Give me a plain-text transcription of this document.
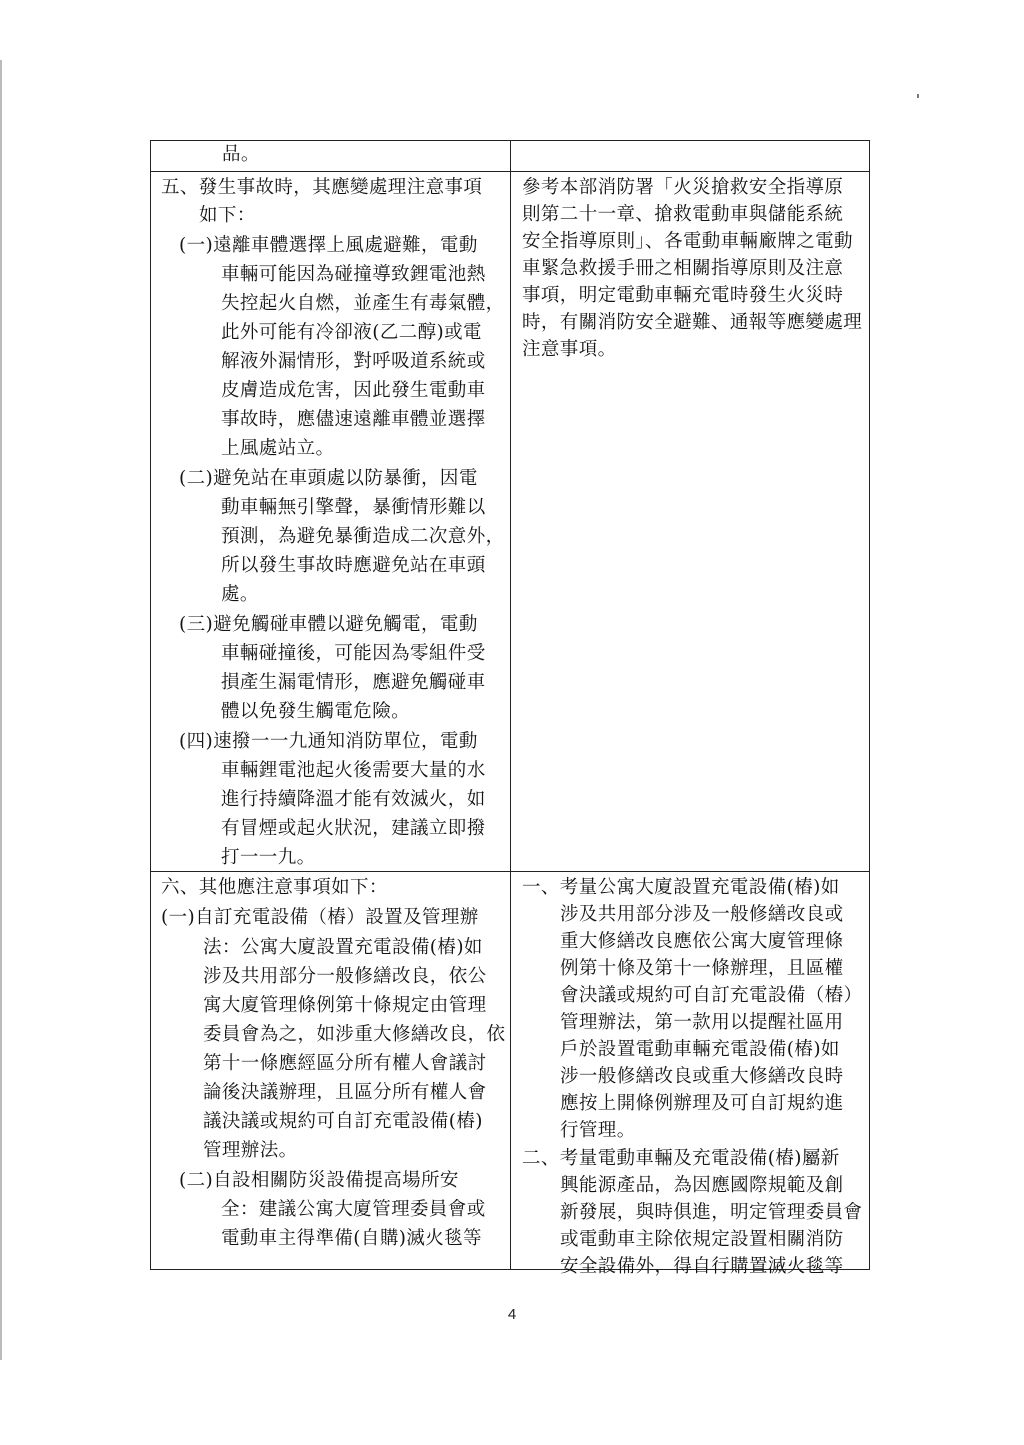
品。
五、發生事故時，其應變處理注意事項
如下：
(一)遠離車體選擇上風處避難，電動
車輛可能因為碰撞導致鋰電池熱
失控起火自燃，並產生有毒氣體，
此外可能有冷卻液(乙二醇)或電
解液外漏情形，對呼吸道系統或
皮膚造成危害，因此發生電動車
事故時，應儘速遠離車體並選擇
上風處站立。
(二)避免站在車頭處以防暴衝，因電
動車輛無引擎聲，暴衝情形難以
預測，為避免暴衝造成二次意外，
所以發生事故時應避免站在車頭
處。
(三)避免觸碰車體以避免觸電，電動
車輛碰撞後，可能因為零組件受
損產生漏電情形，應避免觸碰車
體以免發生觸電危險。
(四)速撥一一九通知消防單位，電動
車輛鋰電池起火後需要大量的水
進行持續降溫才能有效滅火，如
有冒煙或起火狀況，建議立即撥
打一一九。
參考本部消防署「火災搶救安全指導原
則第二十一章、搶救電動車與儲能系統
安全指導原則」、各電動車輛廠牌之電動
車緊急救援手冊之相關指導原則及注意
事項，明定電動車輛充電時發生火災時
時，有關消防安全避難、通報等應變處理
注意事項。
六、其他應注意事項如下：
(一)自訂充電設備（樁）設置及管理辦
法：公寓大廈設置充電設備(樁)如
涉及共用部分一般修繕改良，依公
寓大廈管理條例第十條規定由管理
委員會為之，如涉重大修繕改良，依
第十一條應經區分所有權人會議討
論後決議辦理，且區分所有權人會
議決議或規約可自訂充電設備(樁)
管理辦法。
(二)自設相關防災設備提高場所安
全：建議公寓大廈管理委員會或
電動車主得準備(自購)滅火毯等
一、考量公寓大廈設置充電設備(樁)如
涉及共用部分涉及一般修繕改良或
重大修繕改良應依公寓大廈管理條
例第十條及第十一條辦理，且區權
會決議或規約可自訂充電設備（樁）
管理辦法，第一款用以提醒社區用
戶於設置電動車輛充電設備(樁)如
涉一般修繕改良或重大修繕改良時
應按上開條例辦理及可自訂規約進
行管理。
二、考量電動車輛及充電設備(樁)屬新
興能源產品，為因應國際規範及創
新發展，與時俱進，明定管理委員會
或電動車主除依規定設置相關消防
安全設備外，得自行購置滅火毯等
4
